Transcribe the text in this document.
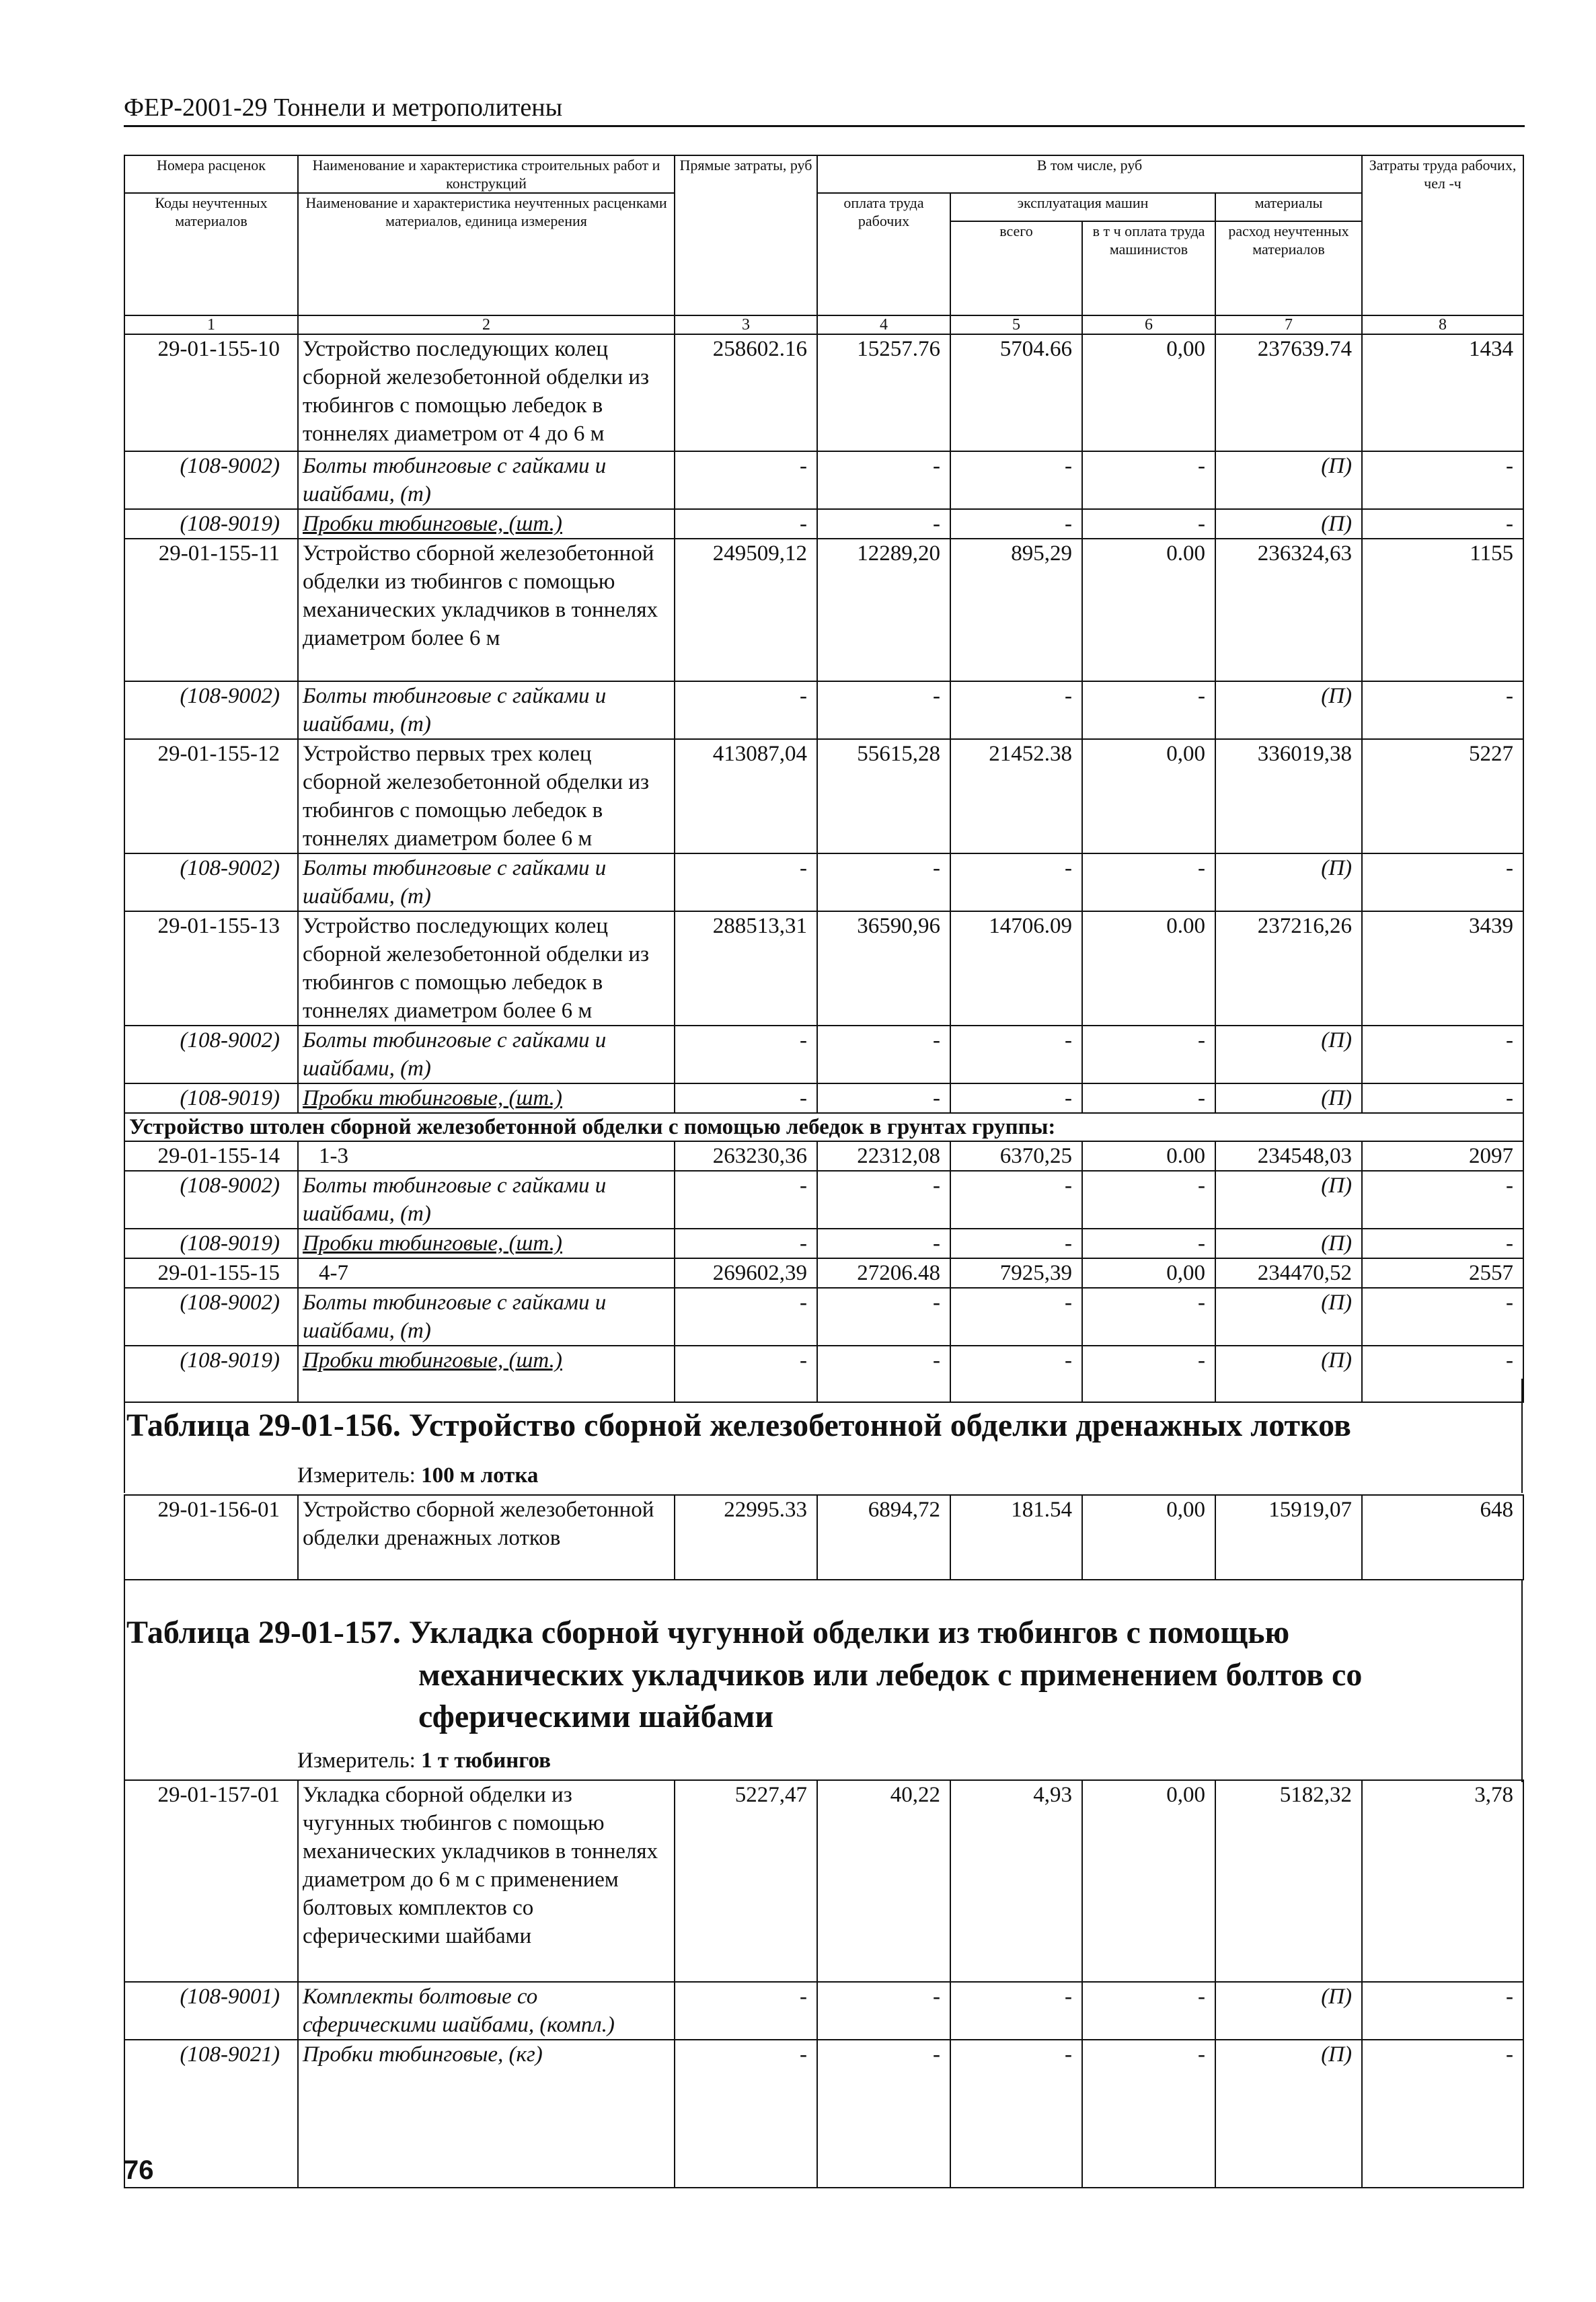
ФЕР-2001-29 Тоннели и метрополитены
Номера расценок	Наименование и характеристика строительных работ и конструкций	Прямые затраты, руб	В том числе, руб				Затраты труда рабочих, чел -ч
Коды неучтенных материалов	Наименование и характеристика неучтенных расценками материалов, единица измерения		оплата труда рабочих	эксплуатация машин		материалы	
				всего	в т ч оплата труда машинистов	расход неучтенных материалов	
1	2	3	4	5	6	7	8
29-01-155-10	Устройство последующих колец сборной железобетонной обделки из тюбингов с помощью лебедок в тоннелях диаметром от 4 до 6 м	258602.16	15257.76	5704.66	0,00	237639.74	1434
(108-9002)	Болты тюбинговые с гайками и шайбами, (т)	-	-	-	-	(П)	-
(108-9019)	Пробки тюбинговые, (шт.)	-	-	-	-	(П)	-
29-01-155-11	Устройство сборной железобетонной обделки из тюбингов с помощью механических укладчиков в тоннелях диаметром более 6 м	249509,12	12289,20	895,29	0.00	236324,63	1155
(108-9002)	Болты тюбинговые с гайками и шайбами, (т)	-	-	-	-	(П)	-
29-01-155-12	Устройство первых трех колец сборной железобетонной обделки из тюбингов с помощью лебедок в тоннелях диаметром более 6 м	413087,04	55615,28	21452.38	0,00	336019,38	5227
(108-9002)	Болты тюбинговые с гайками и шайбами, (т)	-	-	-	-	(П)	-
29-01-155-13	Устройство последующих колец сборной железобетонной обделки из тюбингов с помощью лебедок в тоннелях диаметром более 6 м	288513,31	36590,96	14706.09	0.00	237216,26	3439
(108-9002)	Болты тюбинговые с гайками и шайбами, (т)	-	-	-	-	(П)	-
(108-9019)	Пробки тюбинговые, (шт.)	-	-	-	-	(П)	-
Устройство штолен сборной железобетонной обделки с помощью лебедок в грунтах группы:							
29-01-155-14	1-3	263230,36	22312,08	6370,25	0.00	234548,03	2097
(108-9002)	Болты тюбинговые с гайками и шайбами, (т)	-	-	-	-	(П)	-
(108-9019)	Пробки тюбинговые, (шт.)	-	-	-	-	(П)	-
29-01-155-15	4-7	269602,39	27206.48	7925,39	0,00	234470,52	2557
(108-9002)	Болты тюбинговые с гайками и шайбами, (т)	-	-	-	-	(П)	-
(108-9019)	Пробки тюбинговые, (шт.)	-	-	-	-	(П)	-
Таблица 29-01-156. Устройство сборной железобетонной обделки дренажных лотков
Измеритель: 100 м лотка
29-01-156-01	Устройство сборной железобетонной обделки дренажных лотков	22995.33	6894,72	181.54	0,00	15919,07	648
Таблица 29-01-157. Укладка сборной чугунной обделки из тюбингов с помощью
механических укладчиков или лебедок с применением болтов со сферическими шайбами
Измеритель: 1 т тюбингов
29-01-157-01	Укладка сборной обделки из чугунных тюбингов с помощью механических укладчиков в тоннелях диаметром до 6 м с применением болтовых комплектов со сферическими шайбами	5227,47	40,22	4,93	0,00	5182,32	3,78
(108-9001)	Комплекты болтовые со сферическими шайбами, (компл.)	-	-	-	-	(П)	-
(108-9021)	Пробки тюбинговые, (кг)	-	-	-	-	(П)	-
76
